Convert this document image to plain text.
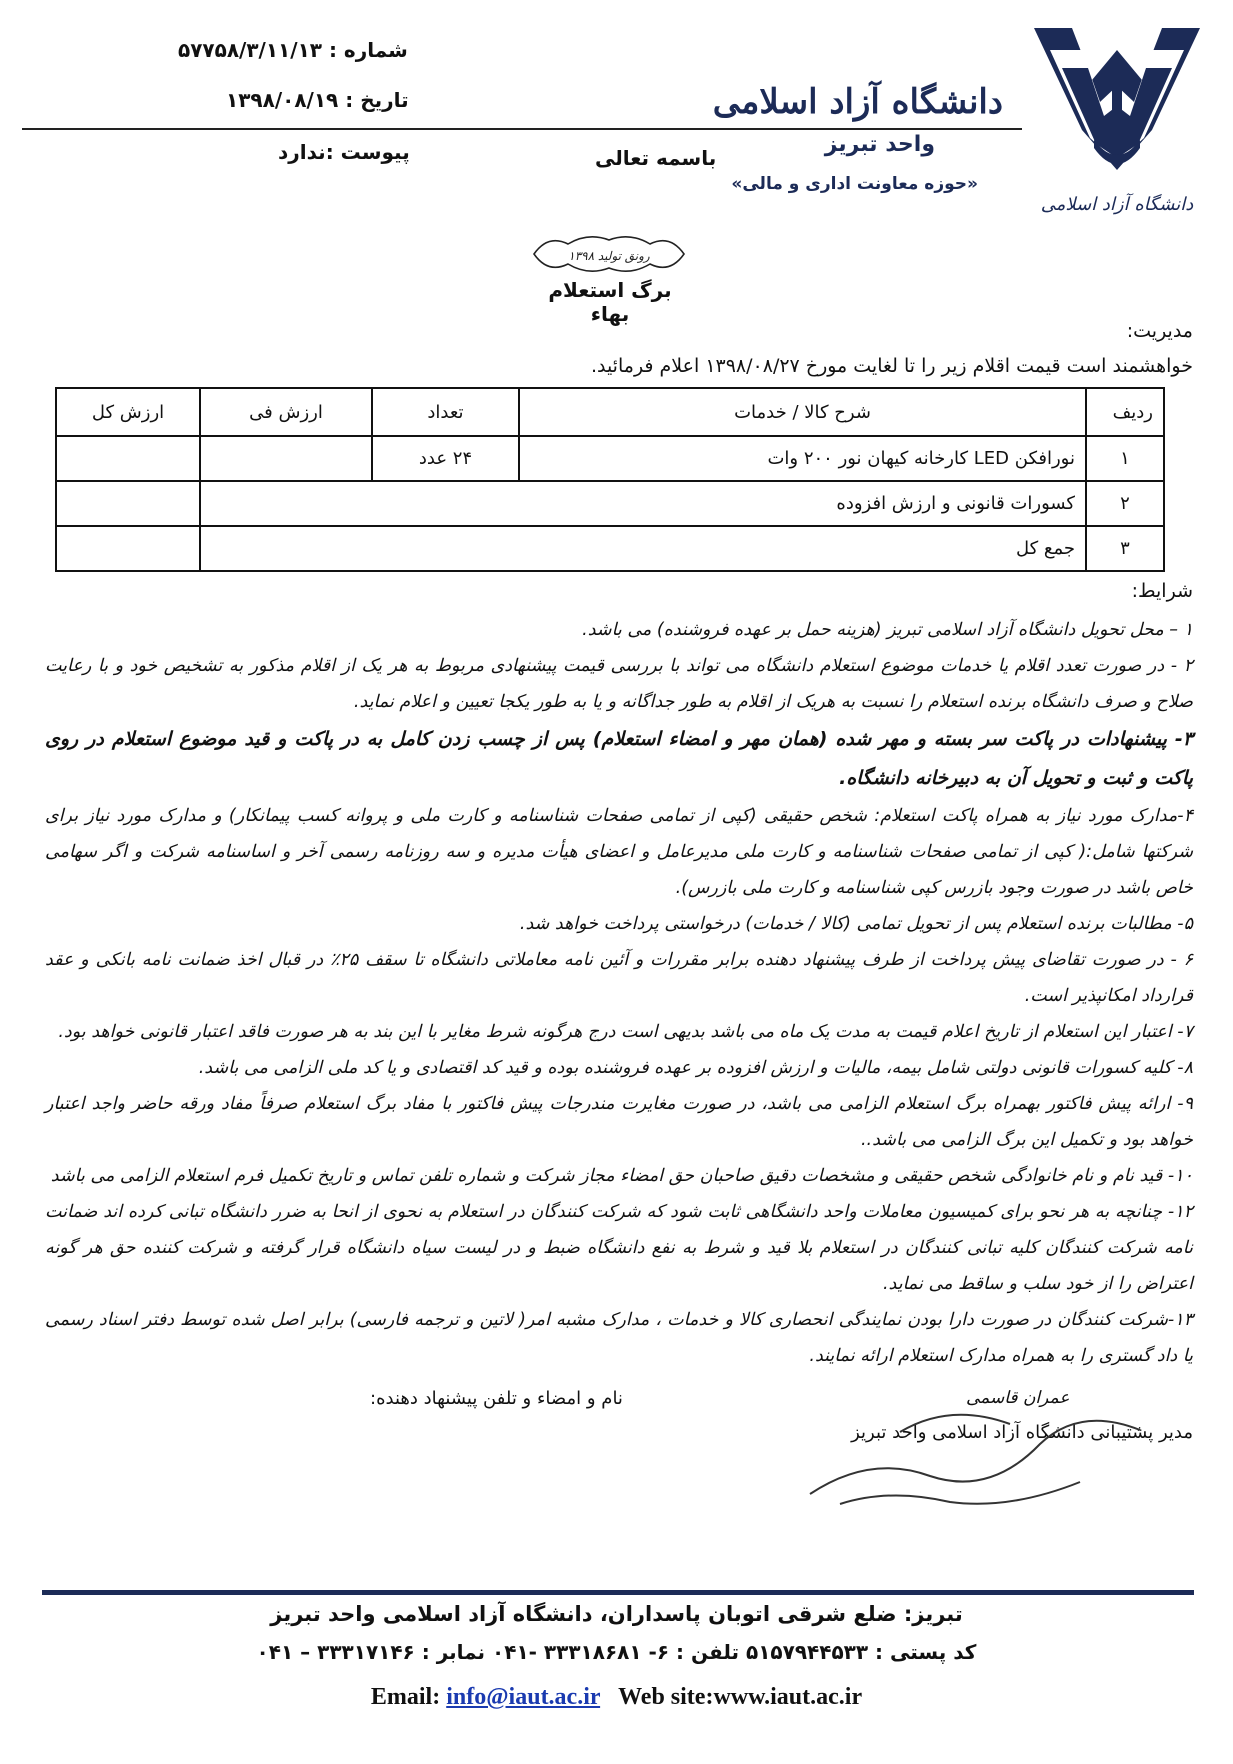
دانشگاه آزاد اسلامی
دانشگاه آزاد اسلامی
واحد تبریز
«حوزه معاونت اداری و مالی»
باسمه تعالی
شماره : ۵۷۷۵۸/۳/۱۱/۱۳
تاریخ : ۱۳۹۸/۰۸/۱۹
پیوست :ندارد
رونق تولید ۱۳۹۸
برگ استعلام بهاء
مدیریت:
خواهشمند است قیمت اقلام زیر را تا لغایت مورخ ۱۳۹۸/۰۸/۲۷ اعلام فرمائید.
ردیف	شرح کالا / خدمات	تعداد	ارزش فی	ارزش کل
۱	نورافکن LED کارخانه کیهان نور ۲۰۰ وات	۲۴ عدد		
۲	کسورات قانونی و ارزش افزوده			
۳	جمع کل			
شرایط:
۱ – محل تحویل دانشگاه آزاد اسلامی تبریز (هزینه حمل بر عهده فروشنده) می باشد.
۲ - در صورت تعدد اقلام یا خدمات موضوع استعلام دانشگاه می تواند با بررسی قیمت پیشنهادی مربوط به هر یک از اقلام مذکور به تشخیص خود و با رعایت صلاح و صرف دانشگاه برنده استعلام را نسبت به هریک از اقلام به طور جداگانه و یا به طور یکجا تعیین و اعلام نماید.
۳- پیشنهادات در پاکت سر بسته و مهر شده (همان مهر و امضاء استعلام) پس از چسب زدن کامل به در پاکت و قید موضوع استعلام در روی پاکت و ثبت و تحویل آن به دبیرخانه دانشگاه.
۴-مدارک مورد نیاز به همراه پاکت استعلام: شخص حقیقی (کپی از تمامی صفحات شناسنامه و کارت ملی و پروانه کسب پیمانکار) و مدارک مورد نیاز برای شرکتها شامل:( کپی از تمامی صفحات شناسنامه و کارت ملی مدیرعامل و اعضای هیأت مدیره و سه روزنامه رسمی آخر و اساسنامه شرکت و اگر سهامی خاص باشد در صورت وجود بازرس کپی شناسنامه و کارت ملی بازرس).
۵- مطالبات برنده استعلام پس از تحویل تمامی (کالا / خدمات) درخواستی پرداخت خواهد شد.
۶ - در صورت تقاضای پیش پرداخت از طرف پیشنهاد دهنده برابر مقررات و آئین نامه معاملاتی دانشگاه تا سقف ۲۵٪ در قبال اخذ ضمانت نامه بانکی و عقد قرارداد امکانپذیر است.
۷- اعتبار این استعلام از تاریخ اعلام قیمت به مدت یک ماه می باشد بدیهی است درج هرگونه شرط مغایر با این بند به هر صورت فاقد اعتبار قانونی خواهد بود.
۸- کلیه کسورات قانونی دولتی شامل بیمه، مالیات و ارزش افزوده بر عهده فروشنده بوده و قید کد اقتصادی و یا کد ملی الزامی می باشد.
۹- ارائه پیش فاکتور بهمراه برگ استعلام الزامی می باشد، در صورت مغایرت مندرجات پیش فاکتور با مفاد برگ استعلام صرفاً مفاد ورقه حاضر واجد اعتبار خواهد بود و تکمیل این برگ الزامی می باشد..
۱۰- قید نام و نام خانوادگی شخص حقیقی و مشخصات دقیق صاحبان حق امضاء مجاز شرکت و شماره تلفن تماس و تاریخ تکمیل فرم استعلام الزامی می باشد
۱۲- چنانچه به هر نحو برای کمیسیون معاملات واحد دانشگاهی ثابت شود که شرکت کنندگان در استعلام به نحوی از انحا به ضرر دانشگاه تبانی کرده اند ضمانت نامه شرکت کنندگان کلیه تبانی کنندگان در استعلام بلا قید و شرط به نفع دانشگاه ضبط و در لیست سیاه دانشگاه قرار گرفته و شرکت کننده حق هر گونه اعتراض را از خود سلب و ساقط می نماید.
۱۳-شرکت کنندگان در صورت دارا بودن نمایندگی انحصاری کالا و خدمات ، مدارک مشبه امر( لاتین و ترجمه فارسی) برابر اصل شده توسط دفتر اسناد رسمی یا داد گستری را به همراه مدارک استعلام ارائه نمایند.
عمران قاسمی
مدیر پشتیبانی دانشگاه آزاد اسلامی واحد تبریز
نام و امضاء و تلفن پیشنهاد دهنده:
تبریز: ضلع شرقی اتوبان پاسداران، دانشگاه آزاد اسلامی واحد تبریز
کد پستی : ۵۱۵۷۹۴۴۵۳۳ تلفن : ۶- ۳۳۳۱۸۶۸۱ -۰۴۱ نمابر : ۳۳۳۱۷۱۴۶ – ۰۴۱
Email: info@iaut.ac.ir Web site:www.iaut.ac.ir
